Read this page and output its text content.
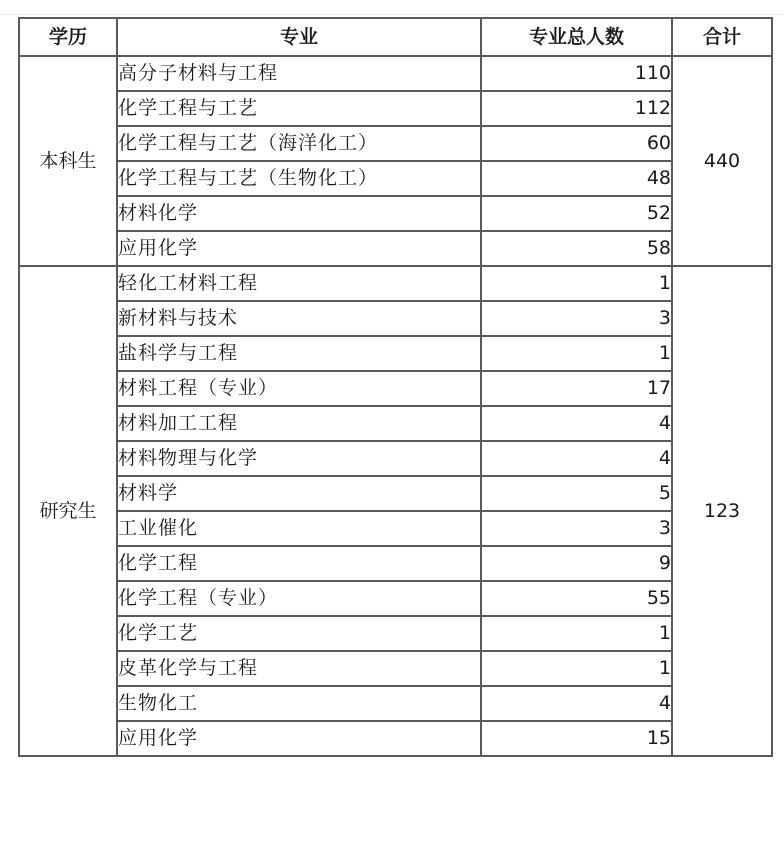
学历	专业	专业总人数	合计
本科生	高分子材料与工程	110	440
	化学工程与工艺	112	
	化学工程与工艺（海洋化工）	60	
	化学工程与工艺（生物化工）	48	
	材料化学	52	
	应用化学	58	
研究生	轻化工材料工程	1	123
	新材料与技术	3	
	盐科学与工程	1	
	材料工程（专业）	17	
	材料加工工程	4	
	材料物理与化学	4	
	材料学	5	
	工业催化	3	
	化学工程	9	
	化学工程（专业）	55	
	化学工艺	1	
	皮革化学与工程	1	
	生物化工	4	
	应用化学	15	
